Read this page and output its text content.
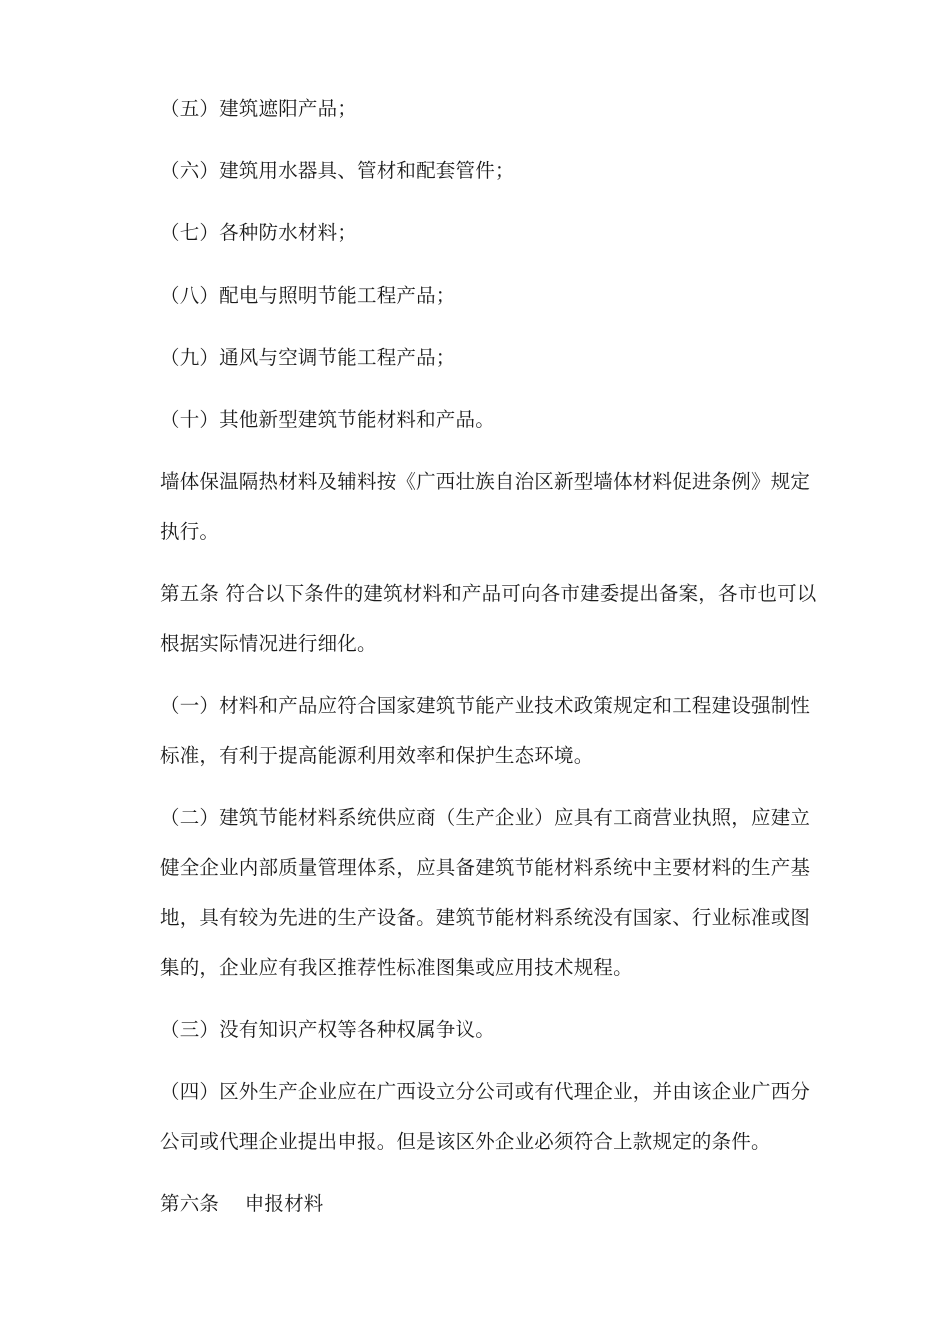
（五）建筑遮阳产品；
（六）建筑用水器具、管材和配套管件；
（七）各种防水材料；
（八）配电与照明节能工程产品；
（九）通风与空调节能工程产品；
（十）其他新型建筑节能材料和产品。
墙体保温隔热材料及辅料按《广西壮族自治区新型墙体材料促进条例》规定
执行。
第五条 符合以下条件的建筑材料和产品可向各市建委提出备案，各市也可以
根据实际情况进行细化。
（一）材料和产品应符合国家建筑节能产业技术政策规定和工程建设强制性
标准，有利于提高能源利用效率和保护生态环境。
（二）建筑节能材料系统供应商（生产企业）应具有工商营业执照，应建立
健全企业内部质量管理体系，应具备建筑节能材料系统中主要材料的生产基
地，具有较为先进的生产设备。建筑节能材料系统没有国家、行业标准或图
集的，企业应有我区推荐性标准图集或应用技术规程。
（三）没有知识产权等各种权属争议。
（四）区外生产企业应在广西设立分公司或有代理企业，并由该企业广西分
公司或代理企业提出申报。但是该区外企业必须符合上款规定的条件。
第六条    申报材料
